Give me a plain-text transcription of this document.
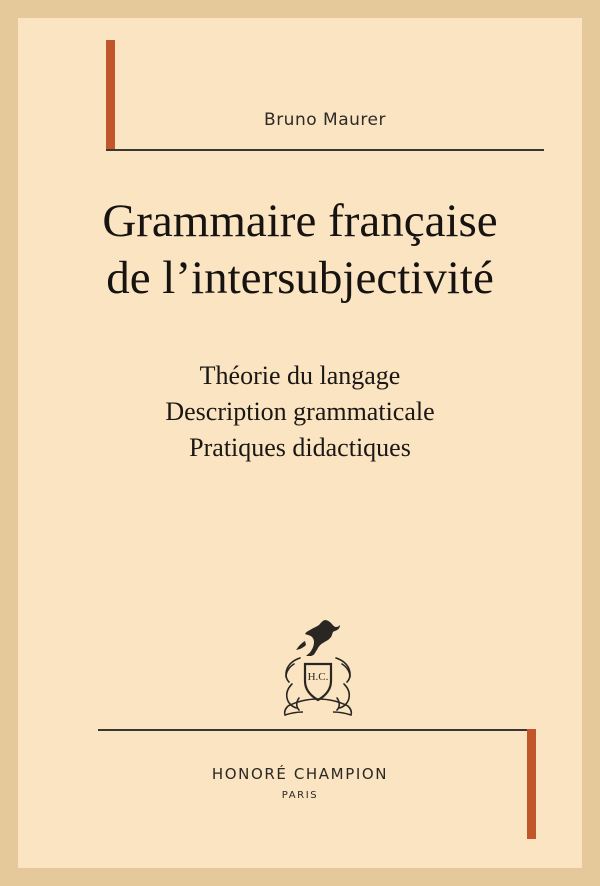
Bruno Maurer
Grammaire française
de l’intersubjectivité
Théorie du langage
Description grammaticale
Pratiques didactiques
H.C.
HONORÉ CHAMPION
PARIS
